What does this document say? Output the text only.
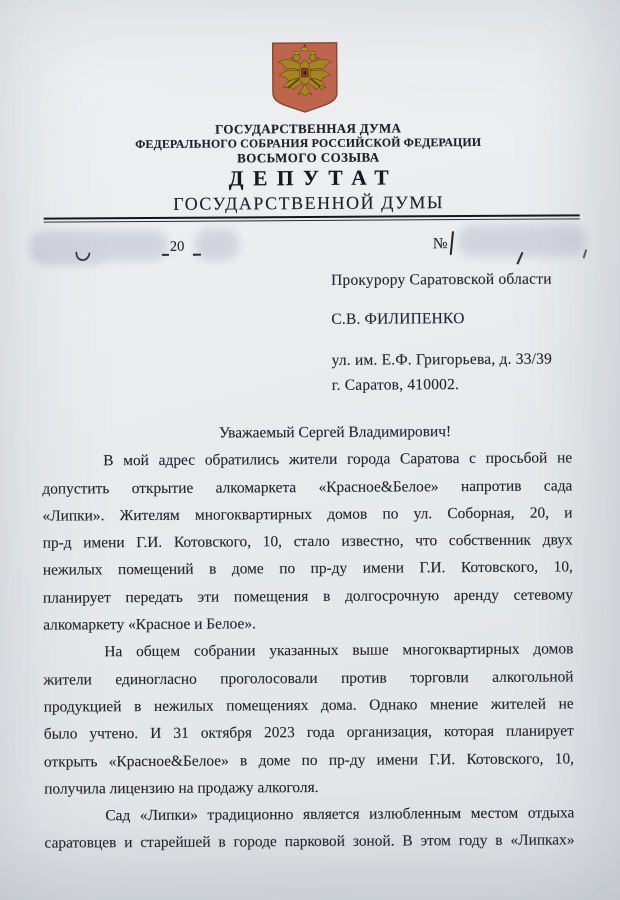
ГОСУДАРСТВЕННАЯ ДУМА
ФЕДЕРАЛЬНОГО СОБРАНИЯ РОССИЙСКОЙ ФЕДЕРАЦИИ
ВОСЬМОГО СОЗЫВА
ДЕПУТАТ
ГОСУДАРСТВЕННОЙ ДУМЫ
20	№
Прокурору Саратовской области
С.В. ФИЛИПЕНКО
ул. им. Е.Ф. Григорьева, д. 33/39
г. Саратов, 410002.
Уважаемый Сергей Владимирович!
В мой адрес обратились жители города Саратова с просьбой не
допустить открытие алкомаркета «Красное&Белое» напротив сада
«Липки». Жителям многоквартирных домов по ул. Соборная, 20, и
пр-д имени Г.И. Котовского, 10, стало известно, что собственник двух
нежилых помещений в доме по пр-ду имени Г.И. Котовского, 10,
планирует передать эти помещения в долгосрочную аренду сетевому
алкомаркету «Красное и Белое».
На общем собрании указанных выше многоквартирных домов
жители единогласно проголосовали против торговли алкогольной
продукцией в нежилых помещениях дома. Однако мнение жителей не
было учтено. И 31 октября 2023 года организация, которая планирует
открыть «Красное&Белое» в доме по пр-ду имени Г.И. Котовского, 10,
получила лицензию на продажу алкоголя.
Сад «Липки» традиционно является излюбленным местом отдыха
саратовцев и старейшей в городе парковой зоной. В этом году в «Липках»
